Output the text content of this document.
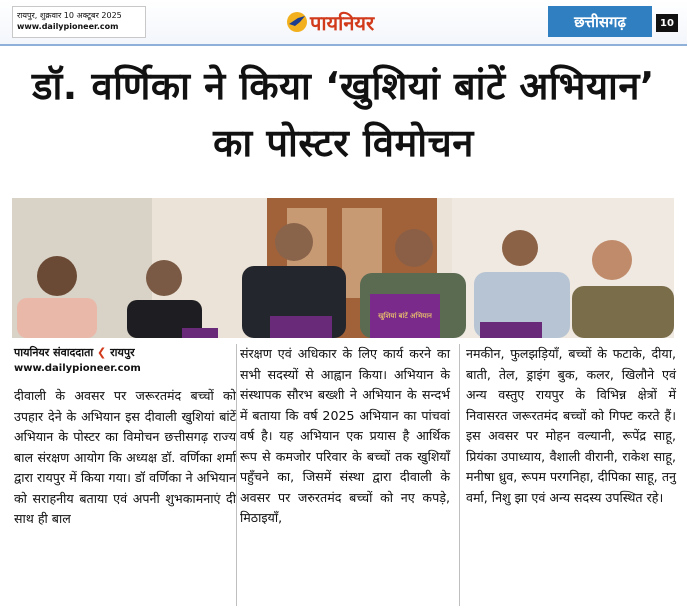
रायपुर, शुक्रवार 10 अक्टूबर 2025
www.dailypioneer.com	पायनियर	छत्तीसगढ़	10
डॉ. वर्णिका ने किया ‘खुशियां बांटें अभियान’ का पोस्टर विमोचन
खुशियां बांटें अभियान
पायनियर संवाददाता ❮ रायपुर
www.dailypioneer.com
दीवाली के अवसर पर जरूरतमंद बच्चों को उपहार देने के अभियान इस दीवाली खुशियां बांटें अभियान के पोस्टर का विमोचन छत्तीसगढ़ राज्य बाल संरक्षण आयोग कि अध्यक्ष डॉ. वर्णिका शर्मा द्वारा रायपुर में किया गया। डॉ वर्णिका ने अभियान को सराहनीय बताया एवं अपनी शुभकामनाएं दी साथ ही बाल
संरक्षण एवं अधिकार के लिए कार्य करने का सभी सदस्यों से आह्वान किया। अभियान के संस्थापक सौरभ बख्शी ने अभियान के सन्दर्भ में बताया कि वर्ष 2025 अभियान का पांचवां वर्ष है। यह अभियान एक प्रयास है आर्थिक रूप से कमजोर परिवार के बच्चों तक खुशियाँ पहुँचने का, जिसमें संस्था द्वारा दीवाली के अवसर पर जरुरतमंद बच्चों को नए कपड़े, मिठाइयाँ,
नमकीन, फुलझड़ियाँ, बच्चों के फटाके, दीया, बाती, तेल, ड्राइंग बुक, कलर, खिलौने एवं अन्य वस्तुए रायपुर के विभिन्न क्षेत्रों में निवासरत जरूरतमंद बच्चों को गिफ्ट करते हैं। इस अवसर पर मोहन वल्यानी, रूपेंद्र साहू, प्रियंका उपाध्याय, वैशाली वीरानी, राकेश साहू, मनीषा ध्रुव, रूपम परगनिहा, दीपिका साहू, तनु वर्मा, निशु झा एवं अन्य सदस्य उपस्थित रहे।
